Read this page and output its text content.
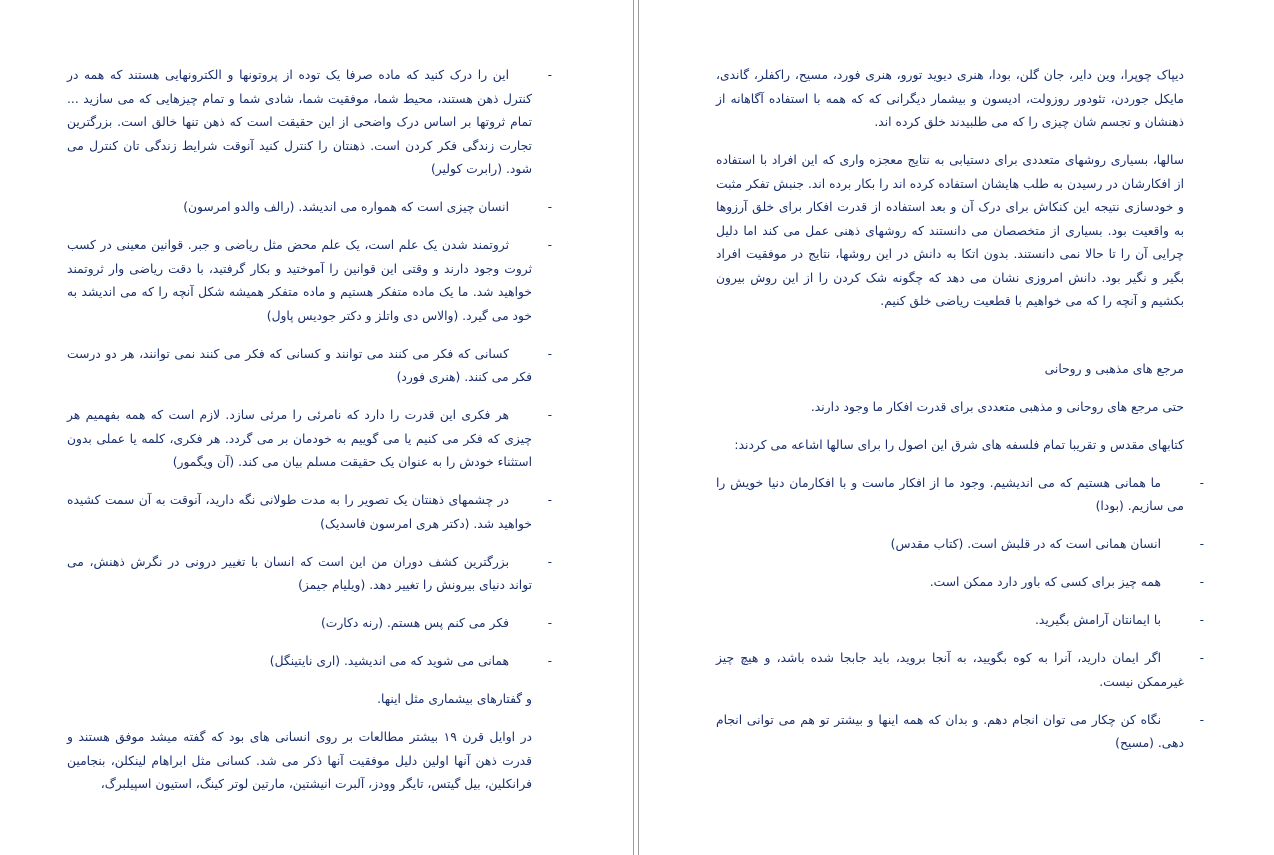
-
این را درک کنید که ماده صرفا یک توده از پروتونها و الکترونهایی هستند که همه در کنترل ذهن هستند، محیط شما، موفقیت شما، شادی شما و تمام چیزهایی که می سازید ... تمام ثروتها بر اساس درک واضحی از این حقیقت است که ذهن تنها خالق است. بزرگترین تجارت زندگی فکر کردن است. ذهنتان را کنترل کنید آنوقت شرایط زندگی تان کنترل می شود. (رابرت کولیر)
-
انسان چیزی است که همواره می اندیشد. (رالف والدو امرسون)
-
ثروتمند شدن یک علم است، یک علم محض مثل ریاضی و جبر. قوانین معینی در کسب ثروت وجود دارند و وقتی این قوانین را آموختید و بکار گرفتید، با دقت ریاضی وار ثروتمند خواهید شد. ما یک ماده متفکر هستیم و ماده متفکر همیشه شکل آنچه را که می اندیشد به خود می گیرد. (والاس دی واتلز و دکتر جودیس پاول)
-
کسانی که فکر می کنند می توانند و کسانی که فکر می کنند نمی توانند، هر دو درست فکر می کنند. (هنری فورد)
-
هر فکری این قدرت را دارد که نامرئی را مرئی سازد. لازم است که همه بفهمیم هر چیزی که فکر می کنیم یا می گوییم به خودمان بر می گردد. هر فکری، کلمه یا عملی بدون استثناء خودش را به عنوان یک حقیقت مسلم بیان می کند. (آن ویگمور)
-
در چشمهای ذهنتان یک تصویر را به مدت طولانی نگه دارید، آنوقت به آن سمت کشیده خواهید شد. (دکتر هری امرسون فاسدیک)
-
بزرگترین کشف دوران من این است که انسان با تغییر درونی در نگرش ذهنش، می تواند دنیای بیرونش را تغییر دهد. (ویلیام جیمز)
-
فکر می کنم پس هستم. (رنه دکارت)
-
همانی می شوید که می اندیشید. (اری نایتینگل)

و گفتارهای بیشماری مثل اینها.

در اوایل قرن ۱۹ بیشتر مطالعات بر روی انسانی های بود که گفته میشد موفق هستند و قدرت ذهن آنها اولین دلیل موفقیت آنها ذکر می شد. کسانی مثل ابراهام لینکلن، بنجامین فرانکلین، بیل گیتس، تایگر وودز، آلبرت انیشتین، مارتین لوتر کینگ، استیون اسپیلبرگ،

دیپاک چوپرا، وین دایر، جان گلن، بودا، هنری دیوید تورو، هنری فورد، مسیح، راکفلر، گاندی، مایکل جوردن، تئودور روزولت، ادیسون و بیشمار دیگرانی که که همه با استفاده آگاهانه از ذهنشان و تجسم شان چیزی را که می طلبیدند خلق کرده اند.

سالها، بسیاری روشهای متعددی برای دستیابی به نتایج معجزه واری که این افراد با استفاده از افکارشان در رسیدن به طلب هایشان استفاده کرده اند را بکار برده اند. جنبش تفکر مثبت و خودسازی نتیجه این کنکاش برای درک آن و بعد استفاده از قدرت افکار برای خلق آرزوها به واقعیت بود. بسیاری از متخصصان می دانستند که روشهای ذهنی عمل می کند اما دلیل چرایی آن را تا حالا نمی دانستند. بدون اتکا به دانش در این روشها، نتایج در موفقیت افراد بگیر و نگیر بود. دانش امروزی نشان می دهد که چگونه شک کردن را از این روش بیرون بکشیم و آنچه را که می خواهیم با قطعیت ریاضی خلق کنیم.

مرجع های مذهبی و روحانی

حتی مرجع های روحانی و مذهبی متعددی برای قدرت افکار ما وجود دارند.

کتابهای مقدس و تقریبا تمام فلسفه های شرق این اصول را برای سالها اشاعه می کردند:

-
ما همانی هستیم که می اندیشیم. وجود ما از افکار ماست و با افکارمان دنیا خویش را می سازیم. (بودا)
-
انسان همانی است که در قلبش است. (کتاب مقدس)
-
همه چیز برای کسی که باور دارد ممکن است.
-
با ایمانتان آرامش بگیرید.
-
اگر ایمان دارید، آنرا به کوه بگویید، به آنجا بروید، باید جابجا شده باشد، و هیچ چیز غیرممکن نیست.
-
نگاه کن چکار می توان انجام دهم. و بدان که همه اینها و بیشتر تو هم می توانی انجام دهی. (مسیح)
